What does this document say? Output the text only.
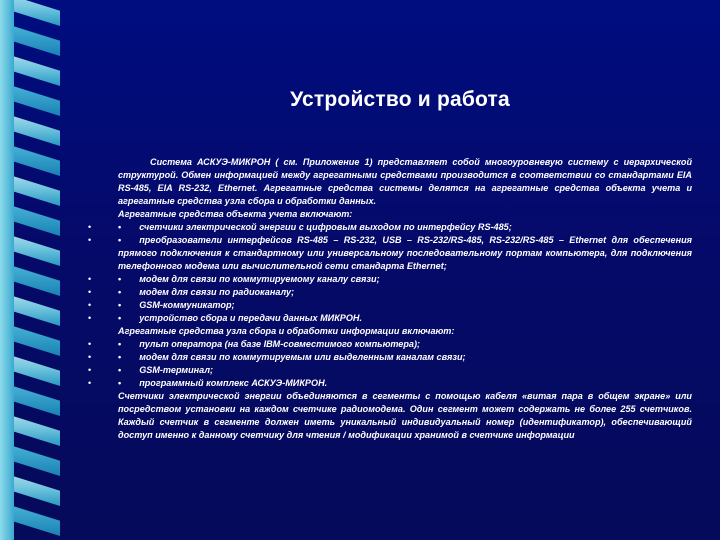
Устройство и работа

Система АСКУЭ-МИКРОН ( см. Приложение 1) представляет собой многоуровневую систему с иерархической структурой. Обмен информацией между агрегатными средствами производится в соответствии со стандартами EIA RS-485, EIA RS-232, Ethernet. Агрегатные средства системы делятся на агрегатные средства объекта учета и агрегатные средства узла сбора и обработки данных.

Агрегатные средства объекта учета включают:

•	• счетчики электрической энергии с цифровым выходом по интерфейсу RS-485;

•	• преобразователи интерфейсов RS-485 – RS-232, USB – RS-232/RS-485, RS-232/RS-485 – Ethernet для обеспечения прямого подключения к стандартному или универсальному последовательному портам компьютера, для подключения телефонного модема или вычислительной сети стандарта Ethernet;

•	• модем для связи по коммутируемому каналу связи;

•	• модем для связи по радиоканалу;

•	• GSM-коммуникатор;

•	• устройство сбора и передачи данных МИКРОН.

Агрегатные средства узла сбора и обработки информации включают:

•	• пульт оператора (на базе IBM-совместимого компьютера);

•	• модем для связи по коммутируемым или выделенным каналам связи;

•	• GSM-терминал;

•	• программный комплекс АСКУЭ-МИКРОН.

Счетчики электрической энергии объединяются в сегменты с помощью кабеля «витая пара в общем экране» или посредством установки на каждом счетчике радиомодема. Один сегмент может содержать не более 255 счетчиков. Каждый счетчик в сегменте должен иметь уникальный индивидуальный номер (идентификатор), обеспечивающий доступ именно к данному счетчику для чтения / модификации хранимой в счетчике информации
